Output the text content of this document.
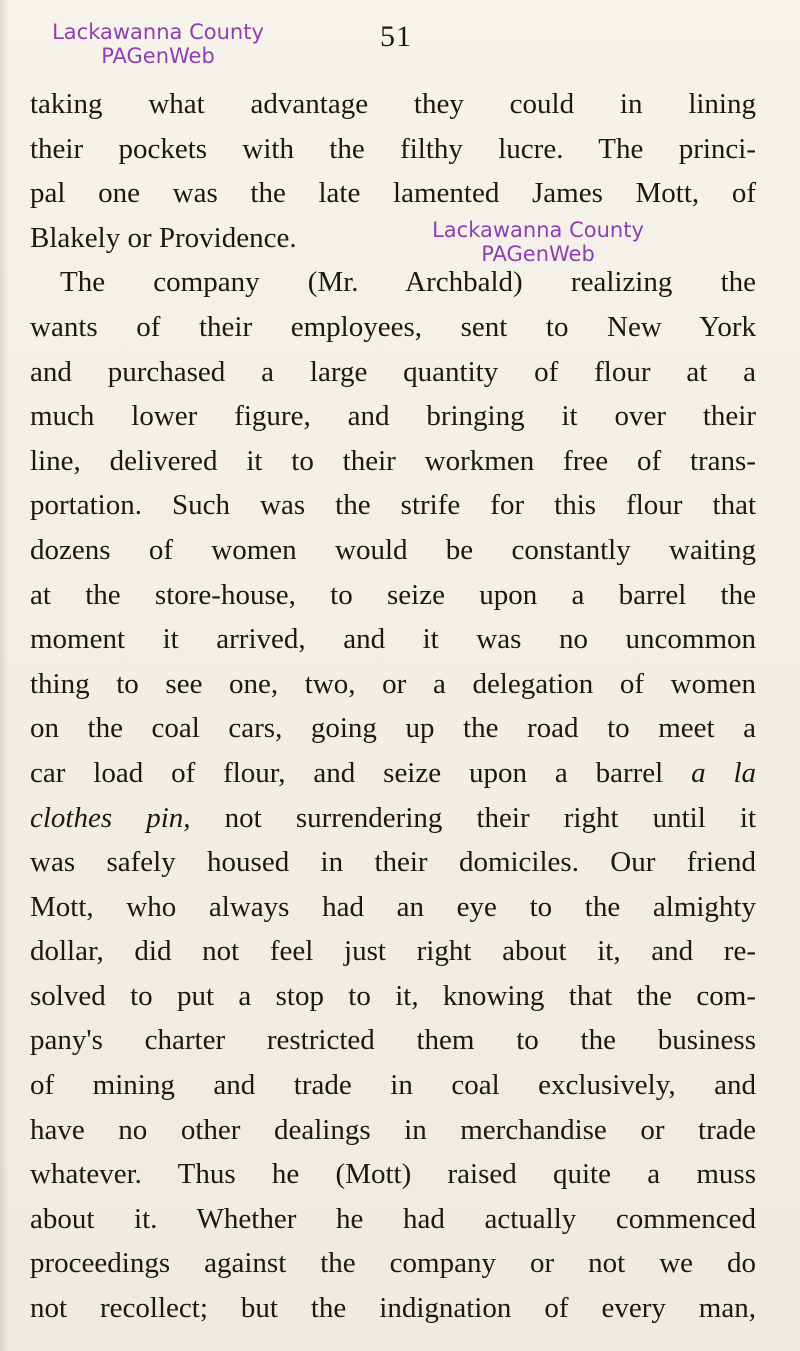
Lackawanna County
PAGenWeb
51
Lackawanna County
PAGenWeb
taking what advantage they could in lining
their pockets with the filthy lucre. The princi-
pal one was the late lamented James Mott, of
Blakely or Providence.
The company (Mr. Archbald) realizing the
wants of their employees, sent to New York
and purchased a large quantity of flour at a
much lower figure, and bringing it over their
line, delivered it to their workmen free of trans-
portation. Such was the strife for this flour that
dozens of women would be constantly waiting
at the store-house, to seize upon a barrel the
moment it arrived, and it was no uncommon
thing to see one, two, or a delegation of women
on the coal cars, going up the road to meet a
car load of flour, and seize upon a barrel a la
clothes pin, not surrendering their right until it
was safely housed in their domiciles. Our friend
Mott, who always had an eye to the almighty
dollar, did not feel just right about it, and re-
solved to put a stop to it, knowing that the com-
pany's charter restricted them to the business
of mining and trade in coal exclusively, and
have no other dealings in merchandise or trade
whatever. Thus he (Mott) raised quite a muss
about it. Whether he had actually commenced
proceedings against the company or not we do
not recollect; but the indignation of every man,
